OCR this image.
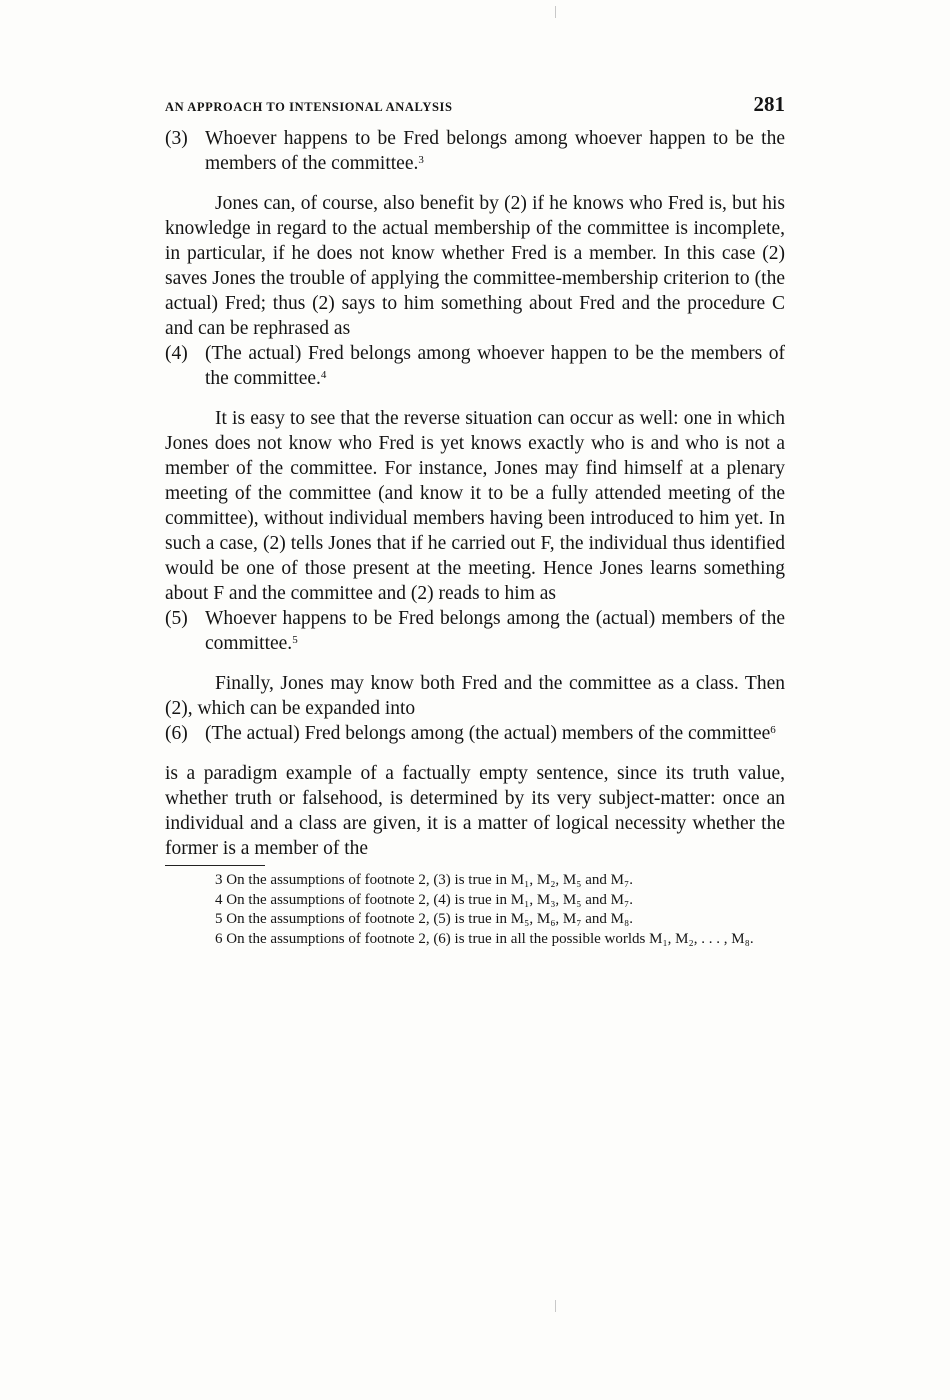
AN APPROACH TO INTENSIONAL ANALYSIS	281
(3) Whoever happens to be Fred belongs among whoever happen to be the members of the committee.$^3$

Jones can, of course, also benefit by (2) if he knows who Fred is, but his knowledge in regard to the actual membership of the committee is incomplete, in particular, if he does not know whether Fred is a member. In this case (2) saves Jones the trouble of applying the committee-membership criterion to (the actual) Fred; thus (2) says to him something about Fred and the procedure C and can be rephrased as

(4) (The actual) Fred belongs among whoever happen to be the members of the committee.$^4$

It is easy to see that the reverse situation can occur as well: one in which Jones does not know who Fred is yet knows exactly who is and who is not a member of the committee. For instance, Jones may find himself at a plenary meeting of the committee (and know it to be a fully attended meeting of the committee), without individual members having been introduced to him yet. In such a case, (2) tells Jones that if he carried out F, the individual thus identified would be one of those present at the meeting. Hence Jones learns something about F and the committee and (2) reads to him as

(5) Whoever happens to be Fred belongs among the (actual) members of the committee.$^5$

Finally, Jones may know both Fred and the committee as a class. Then (2), which can be expanded into

(6) (The actual) Fred belongs among (the actual) members of the committee$^6$

is a paradigm example of a factually empty sentence, since its truth value, whether truth or falsehood, is determined by its very subject-matter: once an individual and a class are given, it is a matter of logical necessity whether the former is a member of the

3 On the assumptions of footnote 2, (3) is true in M₁, M₂, M₅ and M₇.

4 On the assumptions of footnote 2, (4) is true in M₁, M₃, M₅ and M₇.

5 On the assumptions of footnote 2, (5) is true in M₅, M₆, M₇ and M₈.

6 On the assumptions of footnote 2, (6) is true in all the possible worlds M₁, M₂, . . . , M₈.
